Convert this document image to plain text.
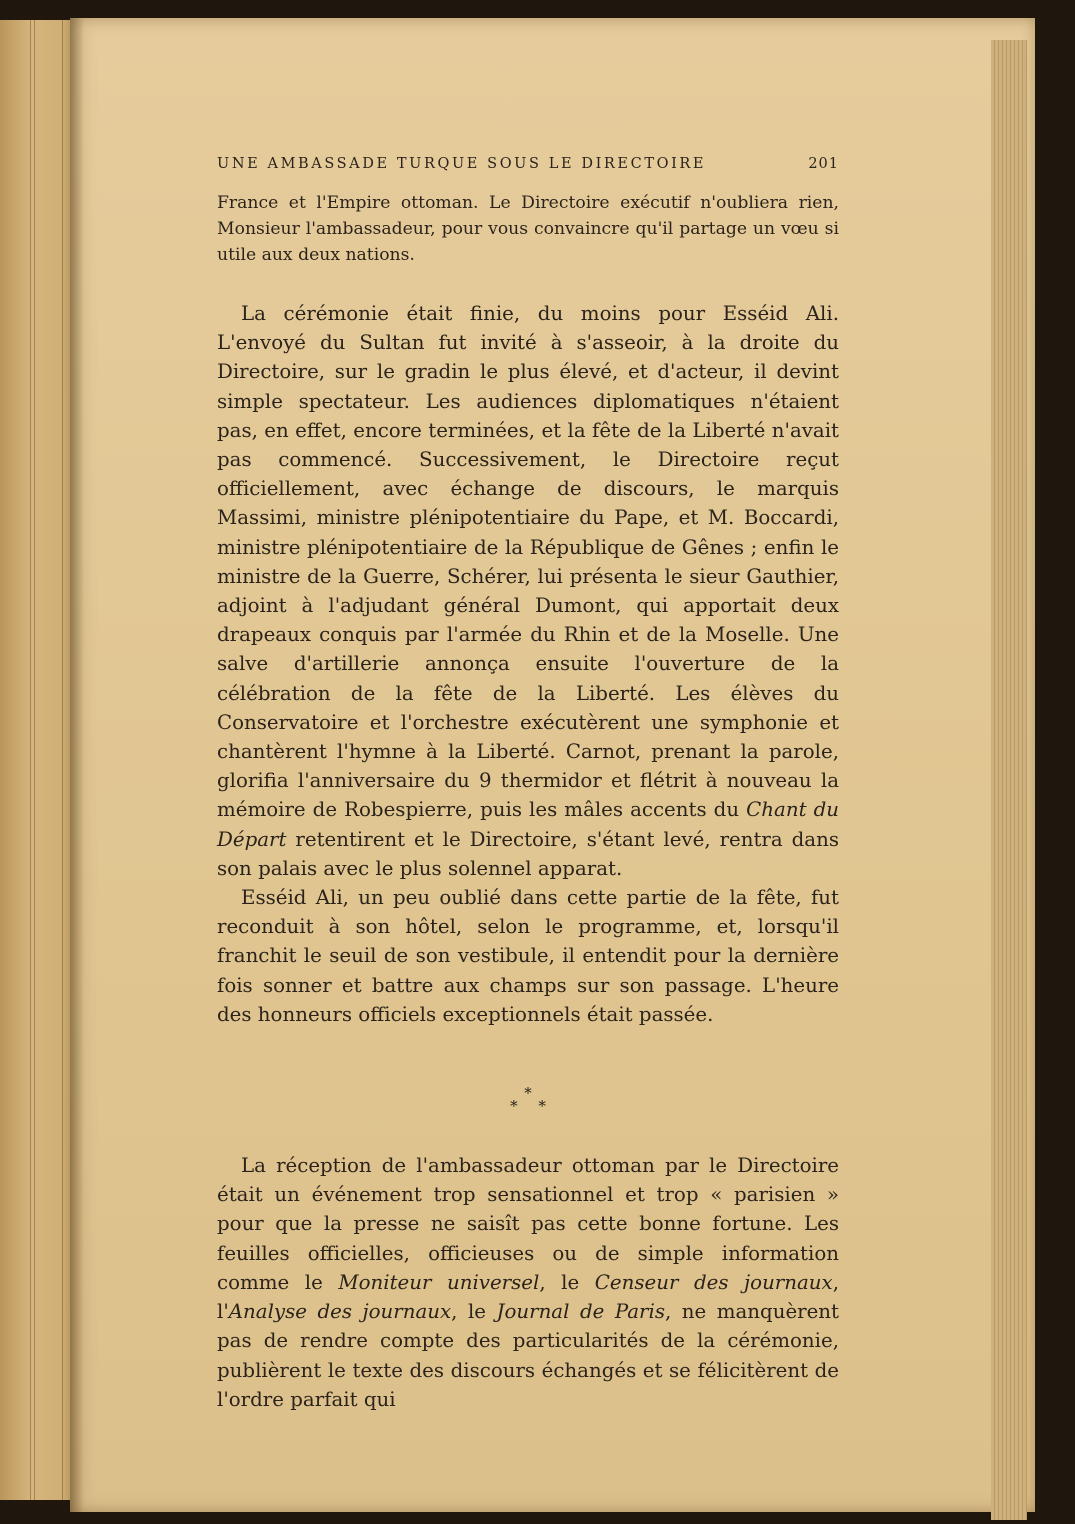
UNE AMBASSADE TURQUE SOUS LE DIRECTOIRE	201

France et l'Empire ottoman. Le Directoire exécutif n'oubliera rien, Monsieur l'ambassadeur, pour vous convaincre qu'il partage un vœu si utile aux deux nations.

La cérémonie était finie, du moins pour Esséid Ali. L'envoyé du Sultan fut invité à s'asseoir, à la droite du Directoire, sur le gradin le plus élevé, et d'acteur, il devint simple spectateur. Les audiences diplomatiques n'étaient pas, en effet, encore terminées, et la fête de la Liberté n'avait pas commencé. Successivement, le Directoire reçut officiellement, avec échange de discours, le marquis Massimi, ministre plénipotentiaire du Pape, et M. Boccardi, ministre plénipotentiaire de la République de Gênes ; enfin le ministre de la Guerre, Schérer, lui présenta le sieur Gauthier, adjoint à l'adjudant général Dumont, qui apportait deux drapeaux conquis par l'armée du Rhin et de la Moselle. Une salve d'artillerie annonça ensuite l'ouverture de la célébration de la fête de la Liberté. Les élèves du Conservatoire et l'orchestre exécutèrent une symphonie et chantèrent l'hymne à la Liberté. Carnot, prenant la parole, glorifia l'anniversaire du 9 thermidor et flétrit à nouveau la mémoire de Robespierre, puis les mâles accents du Chant du Départ retentirent et le Directoire, s'étant levé, rentra dans son palais avec le plus solennel apparat.

Esséid Ali, un peu oublié dans cette partie de la fête, fut reconduit à son hôtel, selon le programme, et, lorsqu'il franchit le seuil de son vestibule, il entendit pour la dernière fois sonner et battre aux champs sur son passage. L'heure des honneurs officiels exceptionnels était passée.

*
* *

La réception de l'ambassadeur ottoman par le Directoire était un événement trop sensationnel et trop « parisien » pour que la presse ne saisît pas cette bonne fortune. Les feuilles officielles, officieuses ou de simple information comme le Moniteur universel, le Censeur des journaux, l'Analyse des journaux, le Journal de Paris, ne manquèrent pas de rendre compte des particularités de la cérémonie, publièrent le texte des discours échangés et se félicitèrent de l'ordre parfait qui
